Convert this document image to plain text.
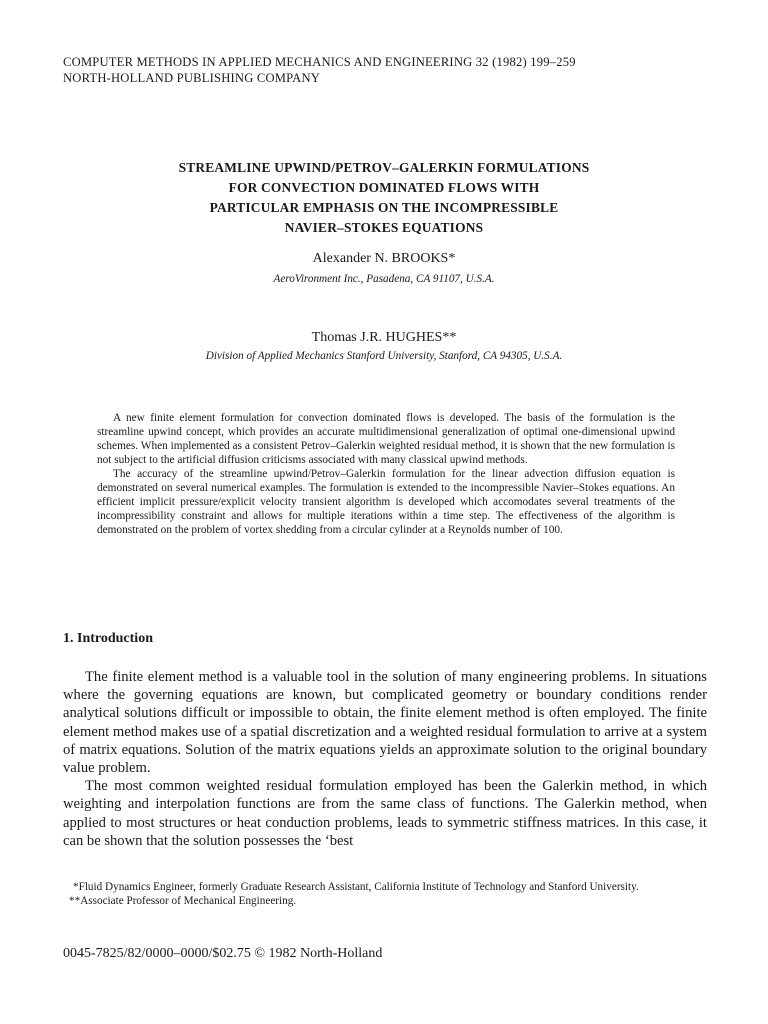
COMPUTER METHODS IN APPLIED MECHANICS AND ENGINEERING 32 (1982) 199–259
NORTH-HOLLAND PUBLISHING COMPANY
STREAMLINE UPWIND/PETROV–GALERKIN FORMULATIONS
FOR CONVECTION DOMINATED FLOWS WITH
PARTICULAR EMPHASIS ON THE INCOMPRESSIBLE
NAVIER–STOKES EQUATIONS
Alexander N. BROOKS*
AeroVironment Inc., Pasadena, CA 91107, U.S.A.
Thomas J.R. HUGHES**
Division of Applied Mechanics Stanford University, Stanford, CA 94305, U.S.A.

A new finite element formulation for convection dominated flows is developed. The basis of the formulation is the streamline upwind concept, which provides an accurate multidimensional generalization of optimal one-dimensional upwind schemes. When implemented as a consistent Petrov–Galerkin weighted residual method, it is shown that the new formulation is not subject to the artificial diffusion criticisms associated with many classical upwind methods.

The accuracy of the streamline upwind/Petrov–Galerkin formulation for the linear advection diffusion equation is demonstrated on several numerical examples. The formulation is extended to the incompressible Navier–Stokes equations. An efficient implicit pressure/explicit velocity transient algorithm is developed which accomodates several treatments of the incompressibility constraint and allows for multiple iterations within a time step. The effectiveness of the algorithm is demonstrated on the problem of vortex shedding from a circular cylinder at a Reynolds number of 100.

1. Introduction

The finite element method is a valuable tool in the solution of many engineering problems. In situations where the governing equations are known, but complicated geometry or boundary conditions render analytical solutions difficult or impossible to obtain, the finite element method is often employed. The finite element method makes use of a spatial discretization and a weighted residual formulation to arrive at a system of matrix equations. Solution of the matrix equations yields an approximate solution to the original boundary value problem.

The most common weighted residual formulation employed has been the Galerkin method, in which weighting and interpolation functions are from the same class of functions. The Galerkin method, when applied to most structures or heat conduction problems, leads to symmetric stiffness matrices. In this case, it can be shown that the solution possesses the ‘best

*Fluid Dynamics Engineer, formerly Graduate Research Assistant, California Institute of Technology and Stanford University.

**Associate Professor of Mechanical Engineering.

0045-7825/82/0000–0000/$02.75 © 1982 North-Holland
